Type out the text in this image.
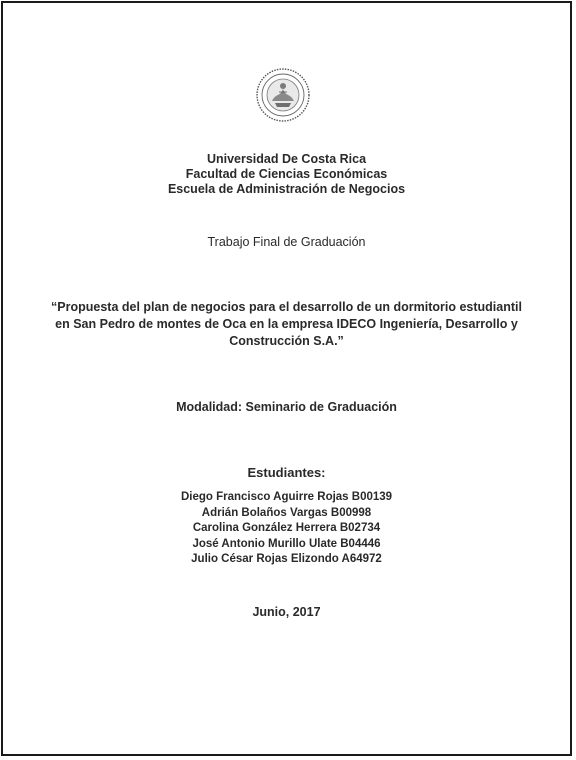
Universidad De Costa Rica
Facultad de Ciencias Económicas
Escuela de Administración de Negocios
Trabajo Final de Graduación
“Propuesta del plan de negocios para el desarrollo de un dormitorio estudiantil
en San Pedro de montes de Oca en la empresa IDECO Ingeniería, Desarrollo y
Construcción S.A.”
Modalidad: Seminario de Graduación
Estudiantes:
Diego Francisco Aguirre Rojas B00139
Adrián Bolaños Vargas B00998
Carolina González Herrera B02734
José Antonio Murillo Ulate B04446
Julio César Rojas Elizondo A64972
Junio, 2017
